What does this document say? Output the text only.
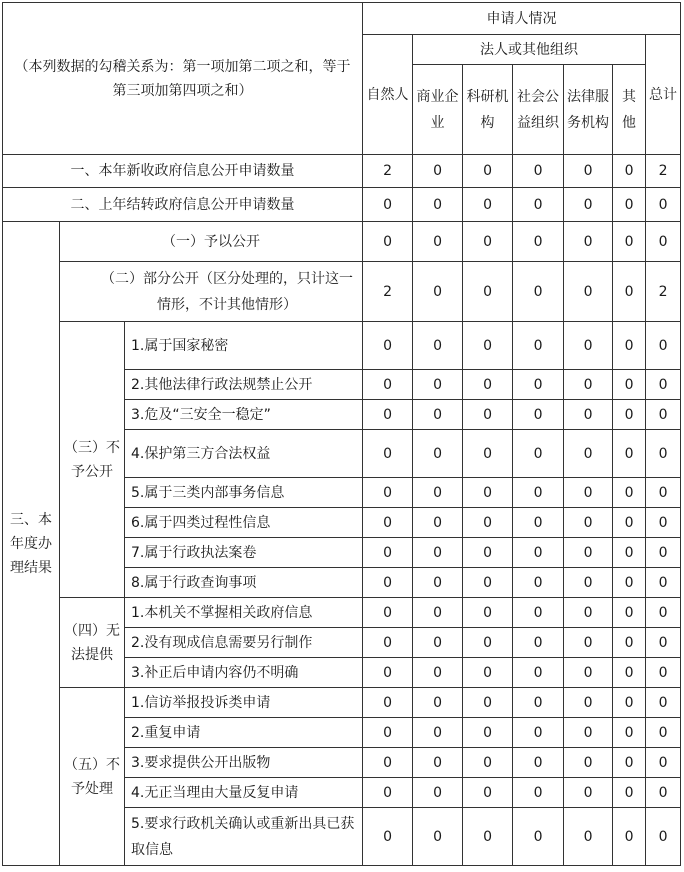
（本列数据的勾稽关系为：第一项加第二项之和，等于第三项加第四项之和）			申请人情况						

			自然人	法人或其他组织					总计

				商业企业	科研机构	社会公益组织	法律服务机构	其他	
一、本年新收政府信息公开申请数量			2	0	0	0	0	0	2
二、上年结转政府信息公开申请数量			0	0	0	0	0	0	0
三、本年度办理结果	（一）予以公开		0	0	0	0	0	0	0
	（二）部分公开（区分处理的，只计这一情形，不计其他情形）		2	0	0	0	0	0	2
	（三）不予公开	1.属于国家秘密	0	0	0	0	0	0	0
		2.其他法律行政法规禁止公开	0	0	0	0	0	0	0
		3.危及“三安全一稳定”	0	0	0	0	0	0	0
		4.保护第三方合法权益	0	0	0	0	0	0	0
		5.属于三类内部事务信息	0	0	0	0	0	0	0
		6.属于四类过程性信息	0	0	0	0	0	0	0
		7.属于行政执法案卷	0	0	0	0	0	0	0
		8.属于行政查询事项	0	0	0	0	0	0	0
	（四）无法提供	1.本机关不掌握相关政府信息	0	0	0	0	0	0	0
		2.没有现成信息需要另行制作	0	0	0	0	0	0	0
		3.补正后申请内容仍不明确	0	0	0	0	0	0	0
	（五）不予处理	1.信访举报投诉类申请	0	0	0	0	0	0	0
		2.重复申请	0	0	0	0	0	0	0
		3.要求提供公开出版物	0	0	0	0	0	0	0
		4.无正当理由大量反复申请	0	0	0	0	0	0	0
		5.要求行政机关确认或重新出具已获取信息	0	0	0	0	0	0	0
